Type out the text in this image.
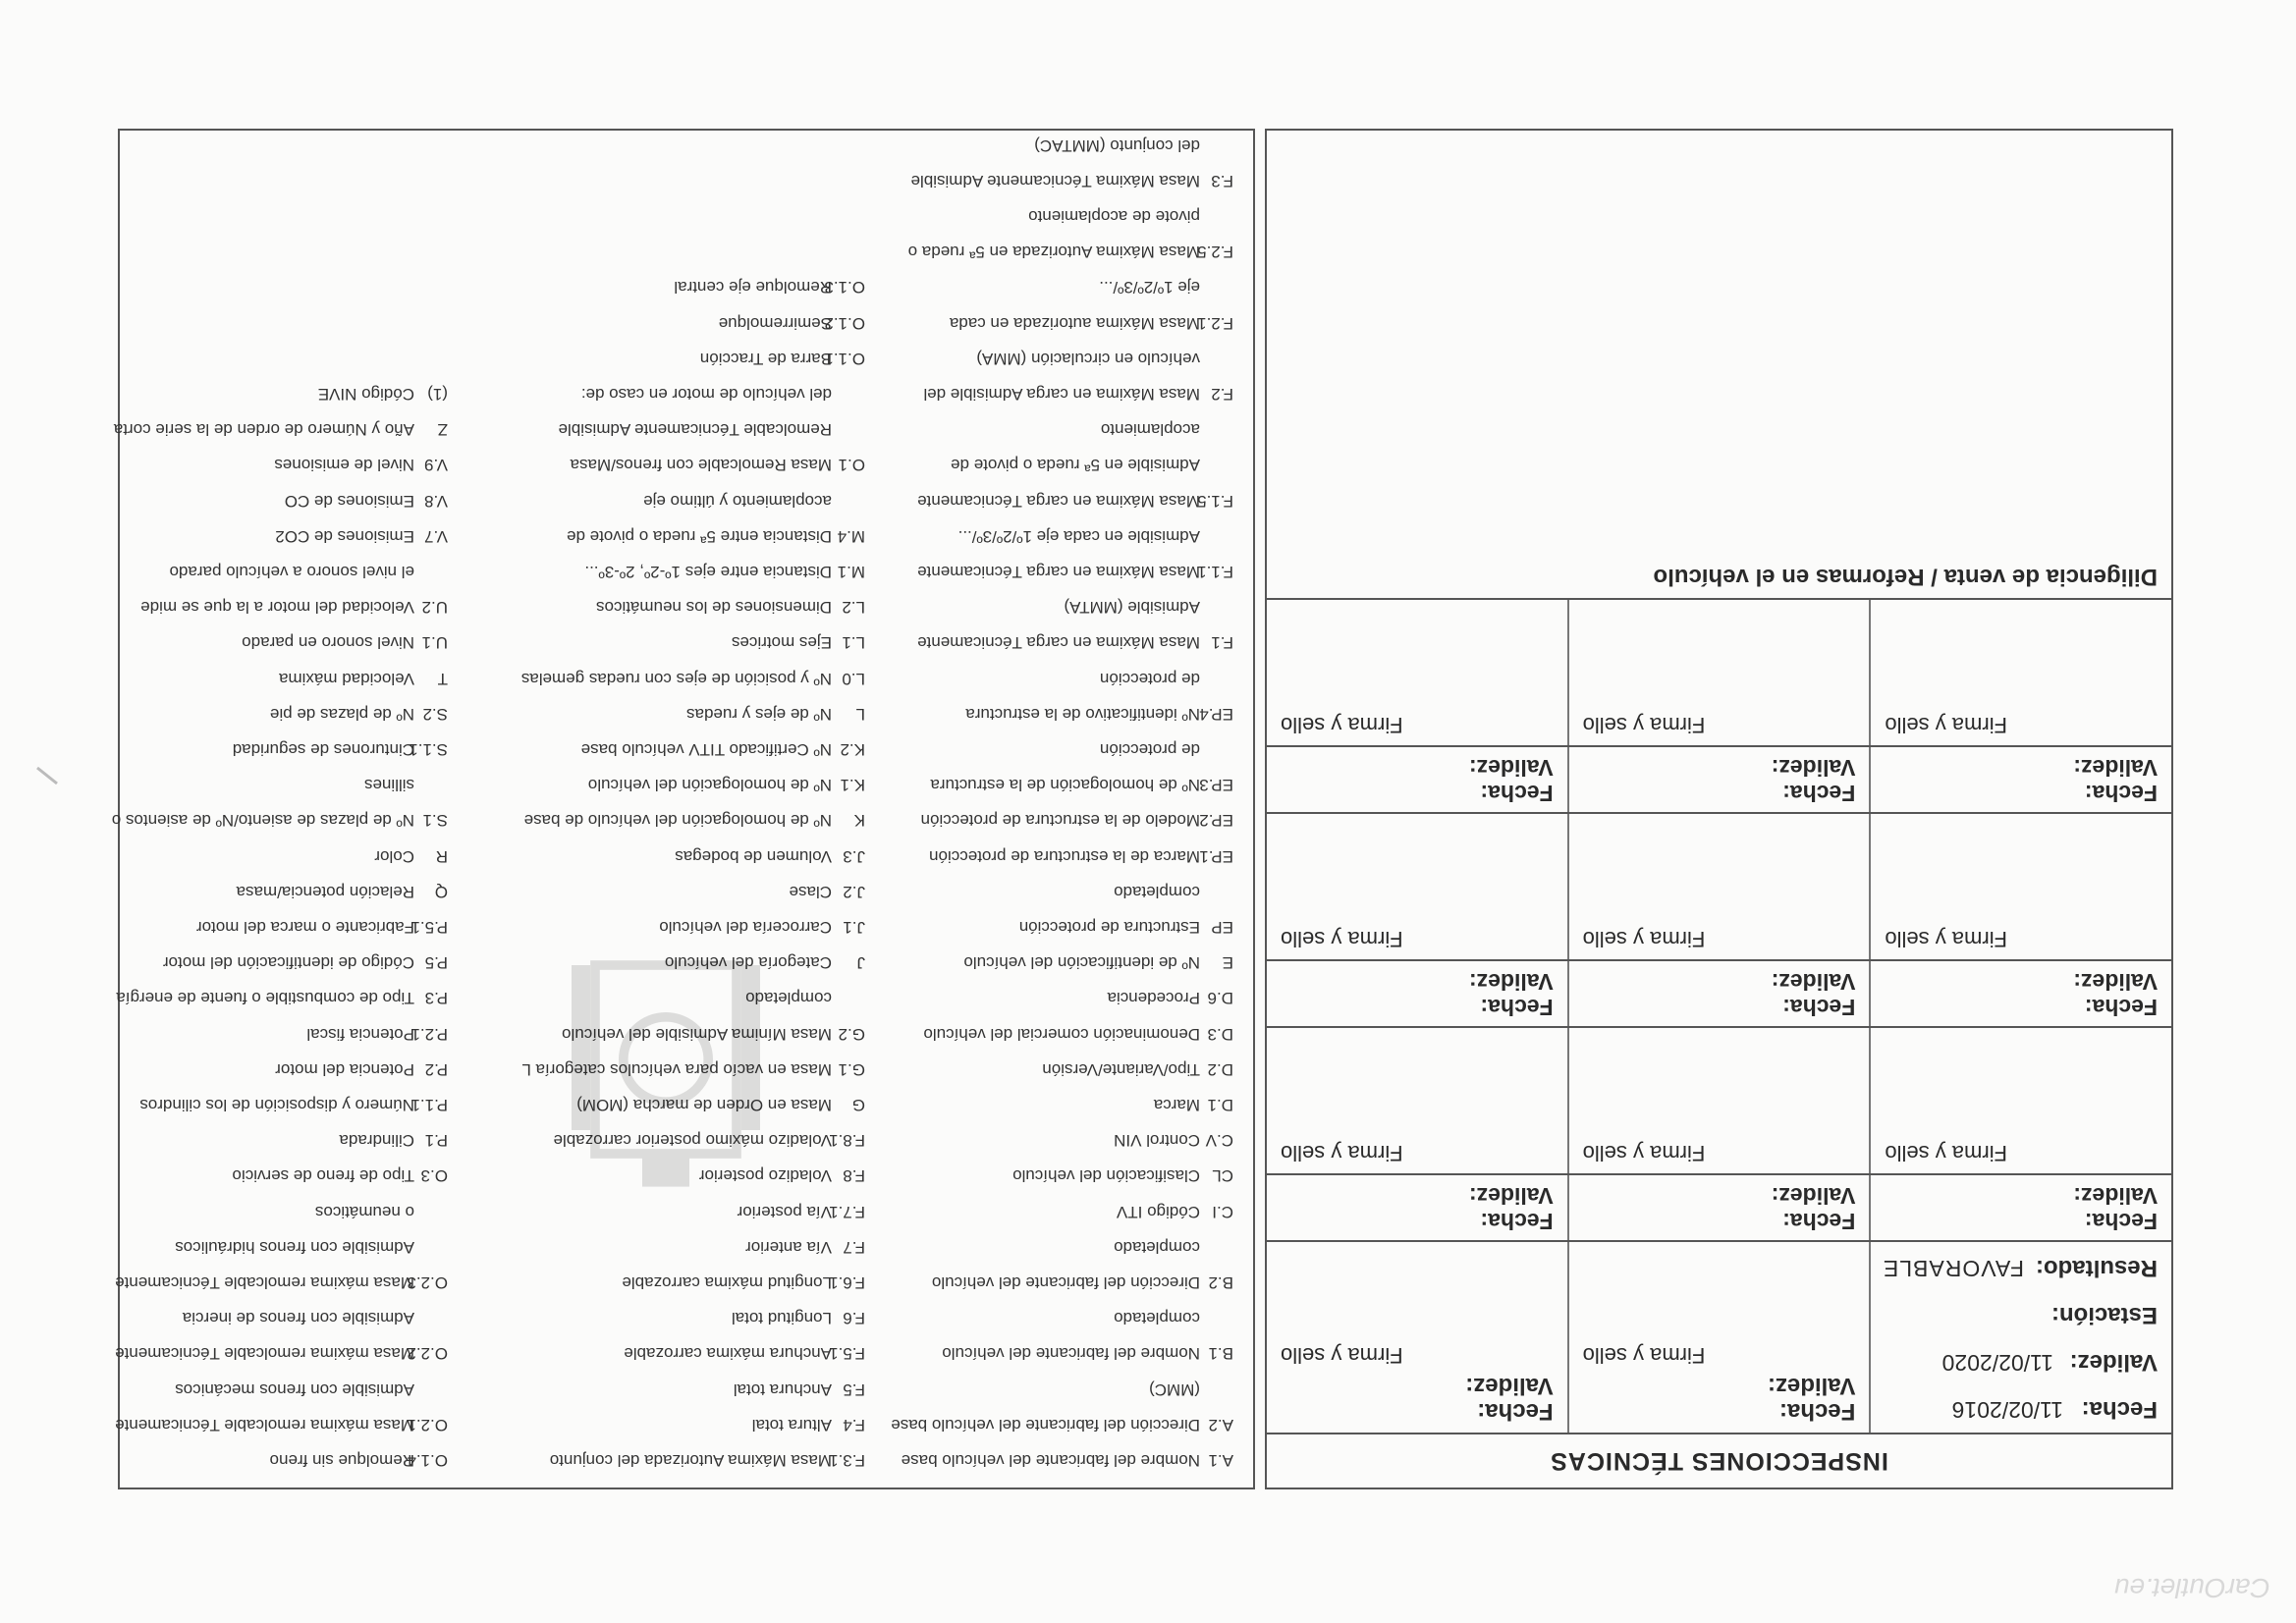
INSPECCIONES TÉCNICAS
Fecha:
11/02/2016
Validez:
11/02/2020
Estación:
Resultado:
FAVORABLE
Fecha:
Validez:
Firma y sello
Fecha:
Validez:
Firma y sello
Fecha:
Validez:
Fecha:
Validez:
Fecha:
Validez:
Firma y sello
Firma y sello
Firma y sello
Fecha:
Validez:
Fecha:
Validez:
Fecha:
Validez:
Firma y sello
Firma y sello
Firma y sello
Fecha:
Validez:
Fecha:
Validez:
Fecha:
Validez:
Firma y sello
Firma y sello
Firma y sello
Diligencia de venta / Reformas en el vehículo
A.1Nombre del fabricante del vehículo base
A.2Dirección del fabricante del vehículo base
(MMC)
B.1Nombre del fabricante del vehículo
completado
B.2Dirección del fabricante del vehículo
completado
C.ICódigo ITV
CLClasificación del vehículo
C.VControl VIN
D.1Marca
D.2Tipo/Variante/Versión
D.3Denominación comercial del vehículo
D.6Procedencia
ENº de identificación del vehículo
EPEstructura de protección
completado
EP.1Marca de la estructura de protección
EP.2Modelo de la estructura de protección
EP.3Nº de homologación de la estructura
de protección
EP.4Nº identificativo de la estructura
de protección
F.1Masa Máxima en carga Técnicamente
Admisible (MMTA)
F.1.1Masa Máxima en carga Técnicamente
Admisible en cada eje 1º/2º/3º/...
F.1.5Masa Máxima en carga Técnicamente
Admisible en 5ª rueda o pivote de
acoplamiento
F.2Masa Máxima en carga Admisible del
vehículo en circulación (MMA)
F.2.1Masa Máxima autorizada en cada
eje 1º/2º/3º/...
F.2.5Masa Máxima Autorizada en 5ª rueda o
pivote de acoplamiento
F.3Masa Máxima Técnicamente Admisible
del conjunto (MMTAC)
F.3.1Masa Máxima Autorizada del conjunto
F.4Altura total
F.5Anchura total
F.5.1Anchura máxima carrozable
F.6Longitud total
F.6.1Longitud máxima carrozable
F.7Vía anterior
F.7.1Vía posterior
F.8Voladizo posterior
F.8.1Voladizo máximo posterior carrozable
GMasa en Orden de marcha (MOM)
G.1Masa en vacío para vehículos categoría L
G.2Masa Mínima Admisible del vehículo
completado
JCategoría del vehículo
J.1Carrocería del vehículo
J.2Clase
J.3Volumen de bodegas
KNº de homologación del vehículo de base
K.1Nº de homologación del vehículo
K.2Nº Certificado TITV vehículo base
LNº de ejes y ruedas
L.0Nº y posición de ejes con ruedas gemelas
L.1Ejes motrices
L.2Dimensiones de los neumáticos
M.1Distancia entre ejes 1º-2º, 2º-3º...
M.4Distancia entre 5ª rueda o pivote de
acoplamiento y último eje
O.1Masa Remolcable con frenos/Masa
Remolcable Técnicamente Admisible
del vehículo de motor en caso de:
O.1.1Barra de Tracción
O.1.2Semirremolque
O.1.3Remolque eje central
O.1.4Remolque sin freno
O.2.1Masa máxima remolcable Técnicamente
Admisible con frenos mecánicos
O.2.2Masa máxima remolcable Técnicamente
Admisible con frenos de inercia
O.2.3Masa máxima remolcable Técnicamente
Admisible con frenos hidráulicos
o neumáticos
O.3Tipo de freno de servicio
P.1Cilindrada
P.1.1Número y disposición de los cilindros
P.2Potencia del motor
P.2.1Potencia fiscal
P.3Tipo de combustible o fuente de energía
P.5Código de identificación del motor
P.5.1Fabricante o marca del motor
QRelación potencia/masa
RColor
S.1Nº de plazas de asiento/Nº de asientos o
sillines
S.1.1Cinturones de seguridad
S.2Nº de plazas de pie
TVelocidad máxima
U.1Nivel sonoro en parado
U.2Velocidad del motor a la que se mide
el nivel sonoro a vehículo parado
V.7Emisiones de CO2
V.8Emisiones de CO
V.9Nivel de emisiones
ZAño y Número de orden de la serie corta
(1)Código NIVE
CarOutlet.eu
